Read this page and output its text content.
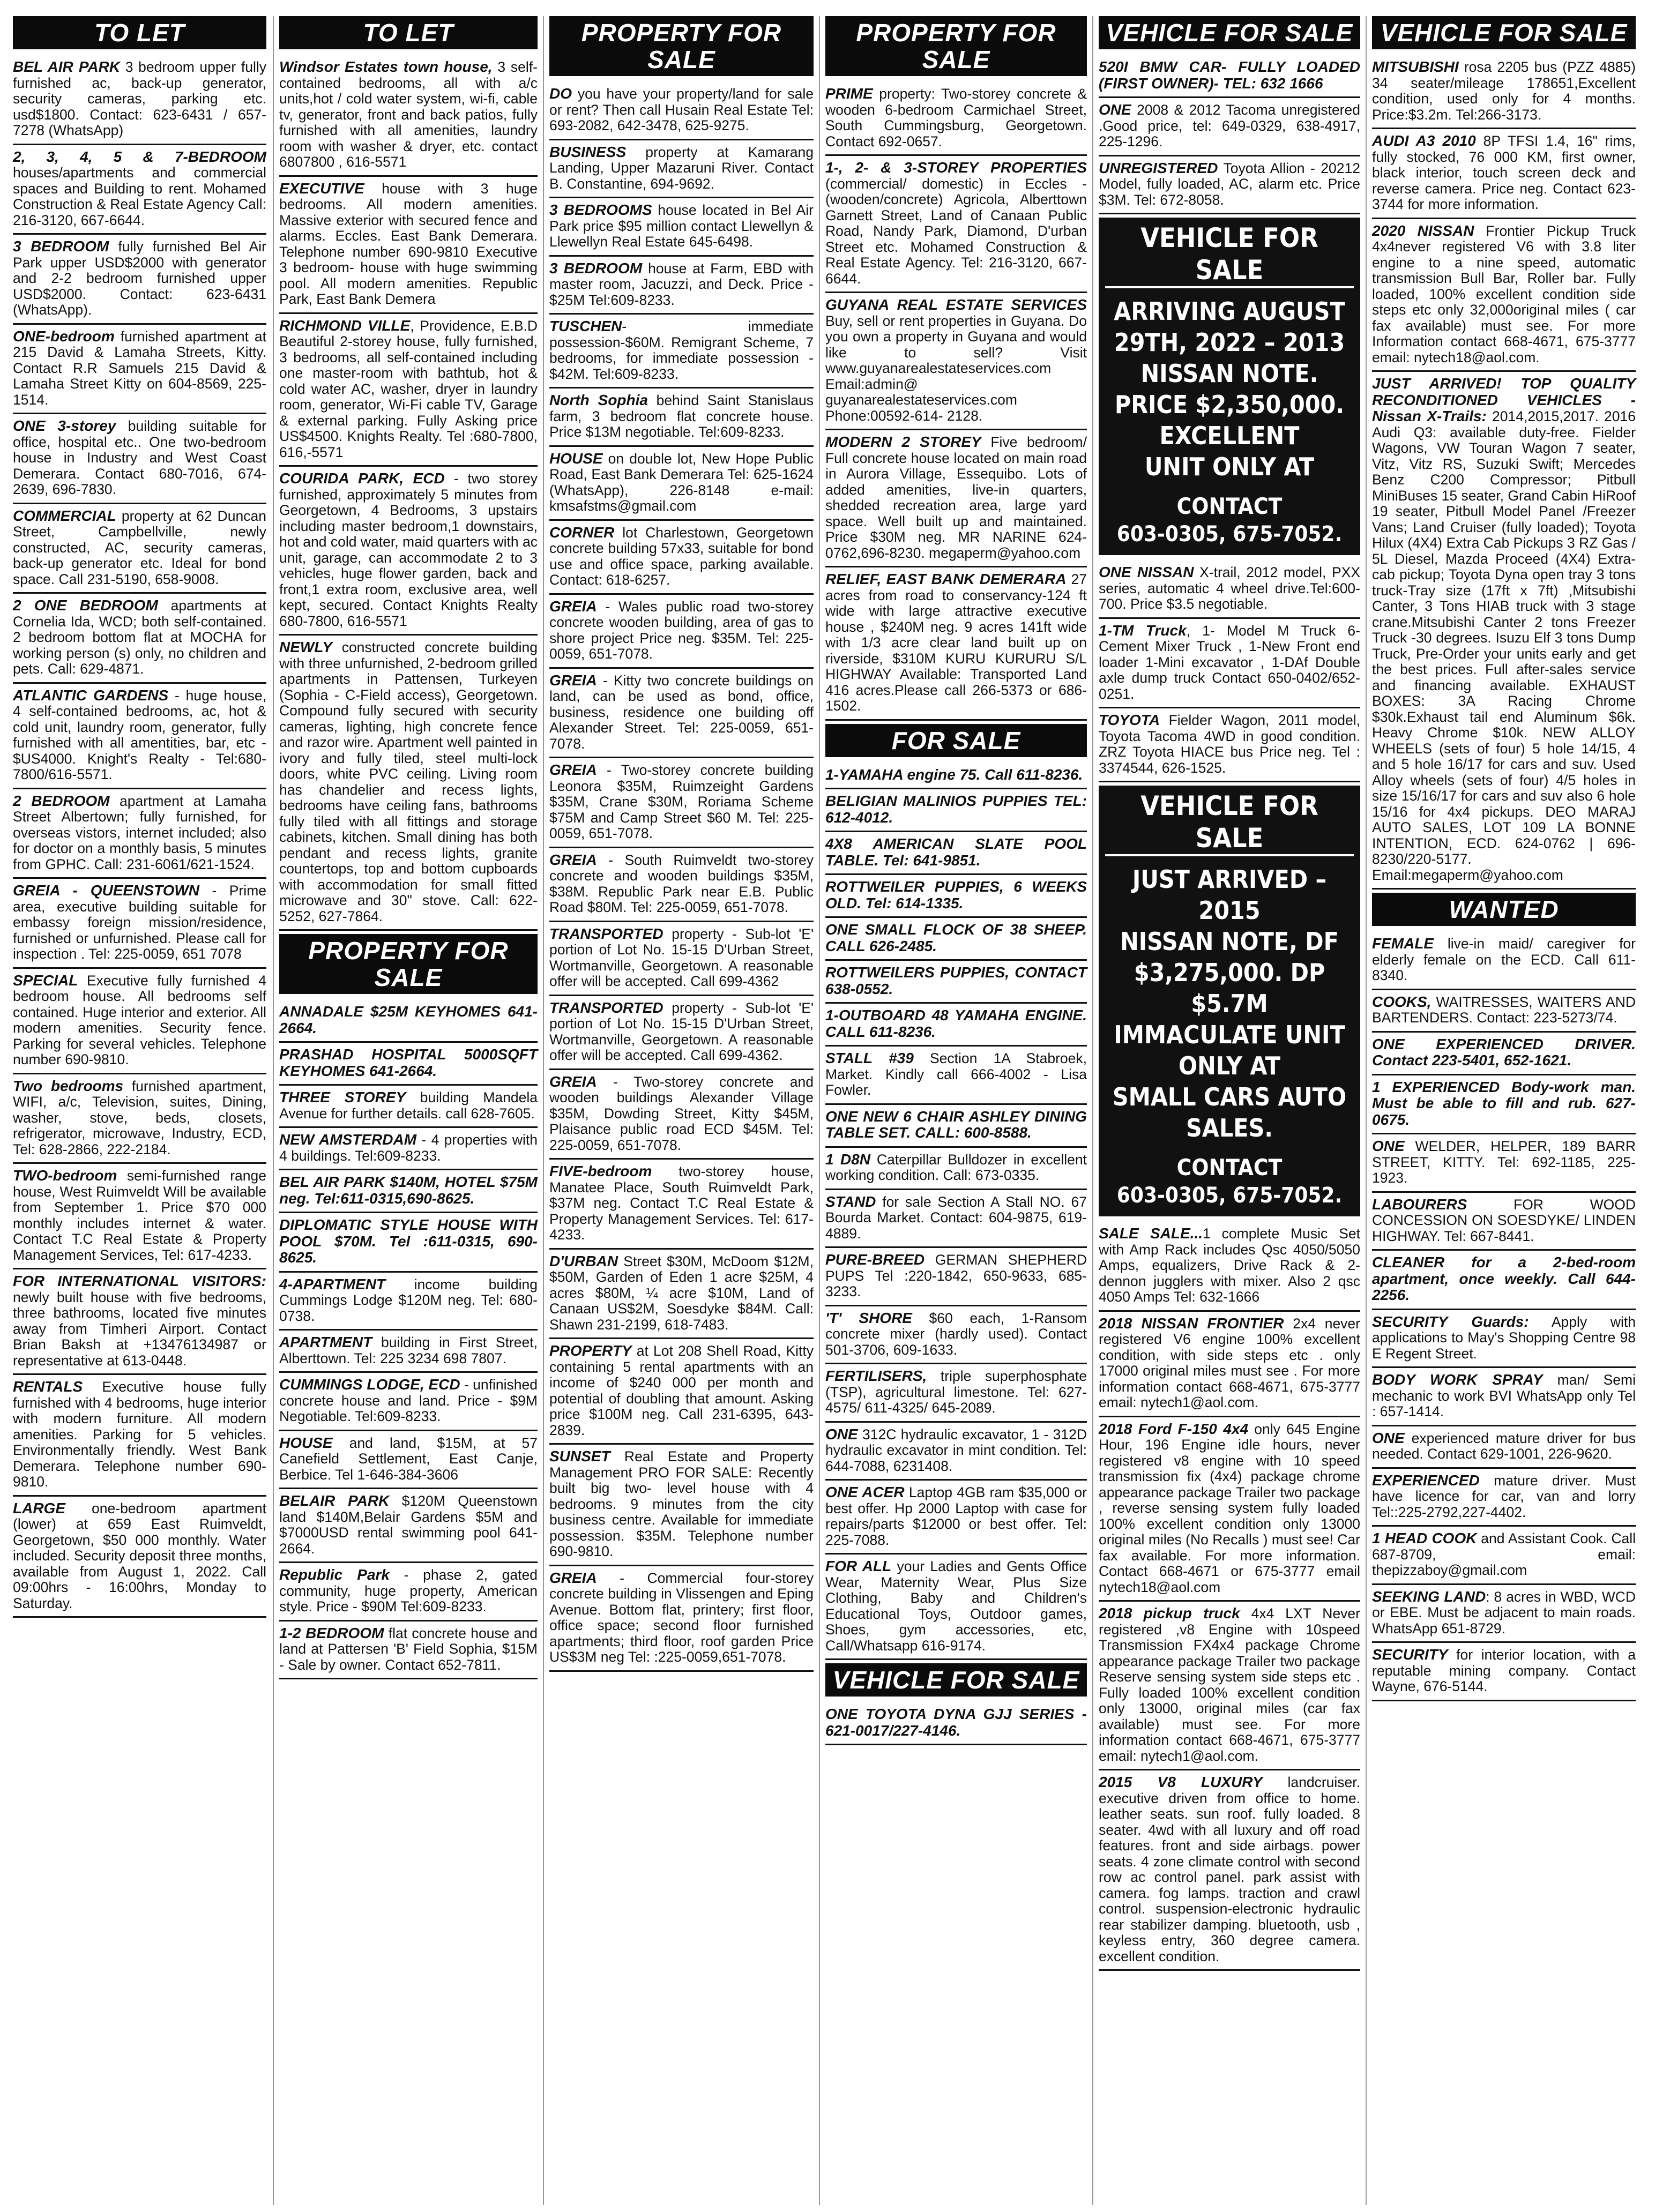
TO LET
BEL AIR PARK 3 bedroom upper fully furnished ac, back-up generator, security cameras, parking etc. usd$1800. Contact: 623-6431 / 657-7278 (WhatsApp)
2, 3, 4, 5 & 7-BEDROOM houses/apartments and commercial spaces and Building to rent. Mohamed Construction & Real Estate Agency Call: 216-3120, 667-6644.
3 BEDROOM fully furnished Bel Air Park upper USD$2000 with generator and 2-2 bedroom furnished upper USD$2000. Contact: 623-6431 (WhatsApp).
ONE-bedroom furnished apartment at 215 David & Lamaha Streets, Kitty. Contact R.R Samuels 215 David & Lamaha Street Kitty on 604-8569, 225-1514.
ONE 3-storey building suitable for office, hospital etc.. One two-bedroom house in Industry and West Coast Demerara. Contact 680-7016, 674-2639, 696-7830.
COMMERCIAL property at 62 Duncan Street, Campbellville, newly constructed, AC, security cameras, back-up generator etc. Ideal for bond space. Call 231-5190, 658-9008.
2 ONE BEDROOM apartments at Cornelia Ida, WCD; both self-contained. 2 bedroom bottom flat at MOCHA for working person (s) only, no children and pets. Call: 629-4871.
ATLANTIC GARDENS - huge house, 4 self-contained bedrooms, ac, hot & cold unit, laundry room, generator, fully furnished with all amentities, bar, etc - $US4000. Knight's Realty - Tel:680-7800/616-5571.
2 BEDROOM apartment at Lamaha Street Albertown; fully furnished, for overseas vistors, internet included; also for doctor on a monthly basis, 5 minutes from GPHC. Call: 231-6061/621-1524.
GREIA - QUEENSTOWN - Prime area, executive building suitable for embassy foreign mission/residence, furnished or unfurnished. Please call for inspection . Tel: 225-0059, 651 7078
SPECIAL Executive fully furnished 4 bedroom house. All bedrooms self contained. Huge interior and exterior. All modern amenities. Security fence. Parking for several vehicles. Telephone number 690-9810.
Two bedrooms furnished apartment, WIFI, a/c, Television, suites, Dining, washer, stove, beds, closets, refrigerator, microwave, Industry, ECD, Tel: 628-2866, 222-2184.
TWO-bedroom semi-furnished range house, West Ruimveldt Will be available from September 1. Price $70 000 monthly includes internet & water. Contact T.C Real Estate & Property Management Services, Tel: 617-4233.
FOR INTERNATIONAL VISITORS: newly built house with five bedrooms, three bathrooms, located five minutes away from Timheri Airport. Contact Brian Baksh at +13476134987 or representative at 613-0448.
RENTALS Executive house fully furnished with 4 bedrooms, huge interior with modern furniture. All modern amenities. Parking for 5 vehicles. Environmentally friendly. West Bank Demerara. Telephone number 690-9810.
LARGE one-bedroom apartment (lower) at 659 East Ruimveldt, Georgetown, $50 000 monthly. Water included. Security deposit three months, available from August 1, 2022. Call 09:00hrs - 16:00hrs, Monday to Saturday.
TO LET
Windsor Estates town house, 3 self- contained bedrooms, all with a/c units,hot / cold water system, wi-fi, cable tv, generator, front and back patios, fully furnished with all amenities, laundry room with washer & dryer, etc. contact 6807800 , 616-5571
EXECUTIVE house with 3 huge bedrooms. All modern amenities. Massive exterior with secured fence and alarms. Eccles. East Bank Demerara. Telephone number 690-9810 Executive 3 bedroom- house with huge swimming pool. All modern amenities. Republic Park, East Bank Demera
RICHMOND VILLE, Providence, E.B.D Beautiful 2-storey house, fully furnished, 3 bedrooms, all self-contained including one master-room with bathtub, hot & cold water AC, washer, dryer in laundry room, generator, Wi-Fi cable TV, Garage & external parking. Fully Asking price US$4500. Knights Realty. Tel :680-7800, 616,-5571
COURIDA PARK, ECD - two storey furnished, approximately 5 minutes from Georgetown, 4 Bedrooms, 3 upstairs including master bedroom,1 downstairs, hot and cold water, maid quarters with ac unit, garage, can accommodate 2 to 3 vehicles, huge flower garden, back and front,1 extra room, exclusive area, well kept, secured. Contact Knights Realty 680-7800, 616-5571
NEWLY constructed concrete building with three unfurnished, 2-bedroom grilled apartments in Pattensen, Turkeyen (Sophia - C-Field access), Georgetown. Compound fully secured with security cameras, lighting, high concrete fence and razor wire. Apartment well painted in ivory and fully tiled, steel multi-lock doors, white PVC ceiling. Living room has chandelier and recess lights, bedrooms have ceiling fans, bathrooms fully tiled with all fittings and storage cabinets, kitchen. Small dining has both pendant and recess lights, granite countertops, top and bottom cupboards with accommodation for small fitted microwave and 30" stove. Call: 622-5252, 627-7864.
PROPERTY FOR SALE
ANNADALE $25M KEYHOMES 641-2664.
PRASHAD HOSPITAL 5000SQFT KEYHOMES 641-2664.
THREE STOREY building Mandela Avenue for further details. call 628-7605.
NEW AMSTERDAM - 4 properties with 4 buildings. Tel:609-8233.
BEL AIR PARK $140M, HOTEL $75M neg. Tel:611-0315,690-8625.
DIPLOMATIC STYLE HOUSE WITH POOL $70M. Tel :611-0315, 690-8625.
4-APARTMENT income building Cummings Lodge $120M neg. Tel: 680-0738.
APARTMENT building in First Street, Alberttown. Tel: 225 3234 698 7807.
CUMMINGS LODGE, ECD - unfinished concrete house and land. Price - $9M Negotiable. Tel:609-8233.
HOUSE and land, $15M, at 57 Canefield Settlement, East Canje, Berbice. Tel 1-646-384-3606
BELAIR PARK $120M Queenstown land $140M,Belair Gardens $5M and $7000USD rental swimming pool 641-2664.
Republic Park - phase 2, gated community, huge property, American style. Price - $90M Tel:609-8233.
1-2 BEDROOM flat concrete house and land at Pattersen 'B' Field Sophia, $15M - Sale by owner. Contact 652-7811.
PROPERTY FOR SALE
DO you have your property/land for sale or rent? Then call Husain Real Estate Tel: 693-2082, 642-3478, 625-9275.
BUSINESS property at Kamarang Landing, Upper Mazaruni River. Contact B. Constantine, 694-9692.
3 BEDROOMS house located in Bel Air Park price $95 million contact Llewellyn & Llewellyn Real Estate 645-6498.
3 BEDROOM house at Farm, EBD with master room, Jacuzzi, and Deck. Price - $25M Tel:609-8233.
TUSCHEN- immediate possession-$60M. Remigrant Scheme, 7 bedrooms, for immediate possession - $42M. Tel:609-8233.
North Sophia behind Saint Stanislaus farm, 3 bedroom flat concrete house. Price $13M negotiable. Tel:609-8233.
HOUSE on double lot, New Hope Public Road, East Bank Demerara Tel: 625-1624 (WhatsApp), 226-8148 e-mail: kmsafstms@gmail.com
CORNER lot Charlestown, Georgetown concrete building 57x33, suitable for bond use and office space, parking available. Contact: 618-6257.
GREIA - Wales public road two-storey concrete wooden building, area of gas to shore project Price neg. $35M. Tel: 225-0059, 651-7078.
GREIA - Kitty two concrete buildings on land, can be used as bond, office, business, residence one building off Alexander Street. Tel: 225-0059, 651-7078.
GREIA - Two-storey concrete building Leonora $35M, Ruimzeight Gardens $35M, Crane $30M, Roriama Scheme $75M and Camp Street $60 M. Tel: 225-0059, 651-7078.
GREIA - South Ruimveldt two-storey concrete and wooden buildings $35M, $38M. Republic Park near E.B. Public Road $80M. Tel: 225-0059, 651-7078.
TRANSPORTED property - Sub-lot 'E' portion of Lot No. 15-15 D'Urban Street, Wortmanville, Georgetown. A reasonable offer will be accepted. Call 699-4362
TRANSPORTED property - Sub-lot 'E' portion of Lot No. 15-15 D'Urban Street, Wortmanville, Georgetown. A reasonable offer will be accepted. Call 699-4362.
GREIA - Two-storey concrete and wooden buildings Alexander Village $35M, Dowding Street, Kitty $45M, Plaisance public road ECD $45M. Tel: 225-0059, 651-7078.
FIVE-bedroom two-storey house, Manatee Place, South Ruimveldt Park, $37M neg. Contact T.C Real Estate & Property Management Services. Tel: 617-4233.
D'URBAN Street $30M, McDoom $12M, $50M, Garden of Eden 1 acre $25M, 4 acres $80M, ¼ acre $10M, Land of Canaan US$2M, Soesdyke $84M. Call: Shawn 231-2199, 618-7483.
PROPERTY at Lot 208 Shell Road, Kitty containing 5 rental apartments with an income of $240 000 per month and potential of doubling that amount. Asking price $100M neg. Call 231-6395, 643-2839.
SUNSET Real Estate and Property Management PRO FOR SALE: Recently built big two- level house with 4 bedrooms. 9 minutes from the city business centre. Available for immediate possession. $35M. Telephone number 690-9810.
GREIA - Commercial four-storey concrete building in Vlissengen and Eping Avenue. Bottom flat, printery; first floor, office space; second floor furnished apartments; third floor, roof garden Price US$3M neg Tel: :225-0059,651-7078.
PROPERTY FOR SALE
PRIME property: Two-storey concrete & wooden 6-bedroom Carmichael Street, South Cummingsburg, Georgetown. Contact 692-0657.
1-, 2- & 3-STOREY PROPERTIES (commercial/ domestic) in Eccles - (wooden/concrete) Agricola, Alberttown Garnett Street, Land of Canaan Public Road, Nandy Park, Diamond, D'urban Street etc. Mohamed Construction & Real Estate Agency. Tel: 216-3120, 667-6644.
GUYANA REAL ESTATE SERVICES Buy, sell or rent properties in Guyana. Do you own a property in Guyana and would like to sell? Visit www.guyanarealestateservices.com Email:admin@ guyanarealestateservices.com Phone:00592-614- 2128.
MODERN 2 STOREY Five bedroom/ Full concrete house located on main road in Aurora Village, Essequibo. Lots of added amenities, live-in quarters, shedded recreation area, large yard space. Well built up and maintained. Price $30M neg. MR NARINE 624-0762,696-8230. megaperm@yahoo.com
RELIEF, EAST BANK DEMERARA 27 acres from road to conservancy-124 ft wide with large attractive executive house , $240M neg. 9 acres 141ft wide with 1/3 acre clear land built up on riverside, $310M KURU KURURU S/L HIGHWAY Available: Transported Land 416 acres.Please call 266-5373 or 686-1502.
FOR SALE
1-YAMAHA engine 75. Call 611-8236.
BELIGIAN MALINIOS PUPPIES TEL: 612-4012.
4X8 AMERICAN SLATE POOL TABLE. Tel: 641-9851.
ROTTWEILER PUPPIES, 6 WEEKS OLD. Tel: 614-1335.
ONE SMALL FLOCK OF 38 SHEEP. CALL 626-2485.
ROTTWEILERS PUPPIES, CONTACT 638-0552.
1-OUTBOARD 48 YAMAHA ENGINE. CALL 611-8236.
STALL #39 Section 1A Stabroek, Market. Kindly call 666-4002 - Lisa Fowler.
ONE NEW 6 CHAIR ASHLEY DINING TABLE SET. CALL: 600-8588.
1 D8N Caterpillar Bulldozer in excellent working condition. Call: 673-0335.
STAND for sale Section A Stall NO. 67 Bourda Market. Contact: 604-9875, 619-4889.
PURE-BREED GERMAN SHEPHERD PUPS Tel :220-1842, 650-9633, 685-3233.
'T' SHORE $60 each, 1-Ransom concrete mixer (hardly used). Contact 501-3706, 609-1633.
FERTILISERS, triple superphosphate (TSP), agricultural limestone. Tel: 627-4575/ 611-4325/ 645-2089.
ONE 312C hydraulic excavator, 1 - 312D hydraulic excavator in mint condition. Tel: 644-7088, 6231408.
ONE ACER Laptop 4GB ram $35,000 or best offer. Hp 2000 Laptop with case for repairs/parts $12000 or best offer. Tel: 225-7088.
FOR ALL your Ladies and Gents Office Wear, Maternity Wear, Plus Size Clothing, Baby and Children's Educational Toys, Outdoor games, Shoes, gym accessories, etc, Call/Whatsapp 616-9174.
VEHICLE FOR SALE
ONE TOYOTA DYNA GJJ SERIES - 621-0017/227-4146.
VEHICLE FOR SALE
520I BMW CAR- FULLY LOADED (FIRST OWNER)- TEL: 632 1666
ONE 2008 & 2012 Tacoma unregistered .Good price, tel: 649-0329, 638-4917, 225-1296.
UNREGISTERED Toyota Allion - 20212 Model, fully loaded, AC, alarm etc. Price $3M. Tel: 672-8058.
VEHICLE FOR SALE
ARRIVING AUGUST
29TH, 2022 – 2013
NISSAN NOTE.
PRICE $2,350,000.
EXCELLENT
UNIT ONLY AT
CONTACT
603-0305, 675-7052.
ONE NISSAN X-trail, 2012 model, PXX series, automatic 4 wheel drive.Tel:600-700. Price $3.5 negotiable.
1-TM Truck, 1- Model M Truck 6-Cement Mixer Truck , 1-New Front end loader 1-Mini excavator , 1-DAf Double axle dump truck Contact 650-0402/652-0251.
TOYOTA Fielder Wagon, 2011 model, Toyota Tacoma 4WD in good condition. ZRZ Toyota HIACE bus Price neg. Tel : 3374544, 626-1525.
VEHICLE FOR SALE
JUST ARRIVED – 2015
NISSAN NOTE, DF
$3,275,000. DP $5.7M
IMMACULATE UNIT
ONLY AT
SMALL CARS AUTO
SALES.
CONTACT
603-0305, 675-7052.
SALE SALE...1 complete Music Set with Amp Rack includes Qsc 4050/5050 Amps, equalizers, Drive Rack & 2- dennon jugglers with mixer. Also 2 qsc 4050 Amps Tel: 632-1666
2018 NISSAN FRONTIER 2x4 never registered V6 engine 100% excellent condition, with side steps etc . only 17000 original miles must see . For more information contact 668-4671, 675-3777 email: nytech1@aol.com.
2018 Ford F-150 4x4 only 645 Engine Hour, 196 Engine idle hours, never registered v8 engine with 10 speed transmission fix (4x4) package chrome appearance package Trailer two package , reverse sensing system fully loaded 100% excellent condition only 13000 original miles (No Recalls ) must see! Car fax available. For more information. Contact 668-4671 or 675-3777 email nytech18@aol.com
2018 pickup truck 4x4 LXT Never registered ,v8 Engine with 10speed Transmission FX4x4 package Chrome appearance package Trailer two package Reserve sensing system side steps etc . Fully loaded 100% excellent condition only 13000, original miles (car fax available) must see. For more information contact 668-4671, 675-3777 email: nytech1@aol.com.
2015 V8 LUXURY landcruiser. executive driven from office to home. leather seats. sun roof. fully loaded. 8 seater. 4wd with all luxury and off road features. front and side airbags. power seats. 4 zone climate control with second row ac control panel. park assist with camera. fog lamps. traction and crawl control. suspension-electronic hydraulic rear stabilizer damping. bluetooth, usb , keyless entry, 360 degree camera. excellent condition.
VEHICLE FOR SALE
MITSUBISHI rosa 2205 bus (PZZ 4885) 34 seater/mileage 178651,Excellent condition, used only for 4 months. Price:$3.2m. Tel:266-3173.
AUDI A3 2010 8P TFSI 1.4, 16" rims, fully stocked, 76 000 KM, first owner, black interior, touch screen deck and reverse camera. Price neg. Contact 623-3744 for more information.
2020 NISSAN Frontier Pickup Truck 4x4never registered V6 with 3.8 liter engine to a nine speed, automatic transmission Bull Bar, Roller bar. Fully loaded, 100% excellent condition side steps etc only 32,000original miles ( car fax available) must see. For more Information contact 668-4671, 675-3777 email: nytech18@aol.com.
JUST ARRIVED! TOP QUALITY RECONDITIONED VEHICLES - Nissan X-Trails: 2014,2015,2017. 2016 Audi Q3: available duty-free. Fielder Wagons, VW Touran Wagon 7 seater, Vitz, Vitz RS, Suzuki Swift; Mercedes Benz C200 Compressor; Pitbull MiniBuses 15 seater, Grand Cabin HiRoof 19 seater, Pitbull Model Panel /Freezer Vans; Land Cruiser (fully loaded); Toyota Hilux (4X4) Extra Cab Pickups 3 RZ Gas / 5L Diesel, Mazda Proceed (4X4) Extra-cab pickup; Toyota Dyna open tray 3 tons truck-Tray size (17ft x 7ft) ,Mitsubishi Canter, 3 Tons HIAB truck with 3 stage crane.Mitsubishi Canter 2 tons Freezer Truck -30 degrees. Isuzu Elf 3 tons Dump Truck, Pre-Order your units early and get the best prices. Full after-sales service and financing available. EXHAUST BOXES: 3A Racing Chrome $30k.Exhaust tail end Aluminum $6k. Heavy Chrome $10k. NEW ALLOY WHEELS (sets of four) 5 hole 14/15, 4 and 5 hole 16/17 for cars and suv. Used Alloy wheels (sets of four) 4/5 holes in size 15/16/17 for cars and suv also 6 hole 15/16 for 4x4 pickups. DEO MARAJ AUTO SALES, LOT 109 LA BONNE INTENTION, ECD. 624-0762 | 696-8230/220-5177. Email:megaperm@yahoo.com
WANTED
FEMALE live-in maid/ caregiver for elderly female on the ECD. Call 611-8340.
COOKS, WAITRESSES, WAITERS AND BARTENDERS. Contact: 223-5273/74.
ONE EXPERIENCED DRIVER. Contact 223-5401, 652-1621.
1 EXPERIENCED Body-work man. Must be able to fill and rub. 627-0675.
ONE WELDER, HELPER, 189 BARR STREET, KITTY. Tel: 692-1185, 225-1923.
LABOURERS FOR WOOD CONCESSION ON SOESDYKE/ LINDEN HIGHWAY. Tel: 667-8441.
CLEANER for a 2-bed-room apartment, once weekly. Call 644-2256.
SECURITY Guards: Apply with applications to May's Shopping Centre 98 E Regent Street.
BODY WORK SPRAY man/ Semi mechanic to work BVI WhatsApp only Tel : 657-1414.
ONE experienced mature driver for bus needed. Contact 629-1001, 226-9620.
EXPERIENCED mature driver. Must have licence for car, van and lorry Tel::225-2792,227-4402.
1 HEAD COOK and Assistant Cook. Call 687-8709, email: thepizzaboy@gmail.com
SEEKING LAND: 8 acres in WBD, WCD or EBE. Must be adjacent to main roads. WhatsApp 651-8729.
SECURITY for interior location, with a reputable mining company. Contact Wayne, 676-5144.
